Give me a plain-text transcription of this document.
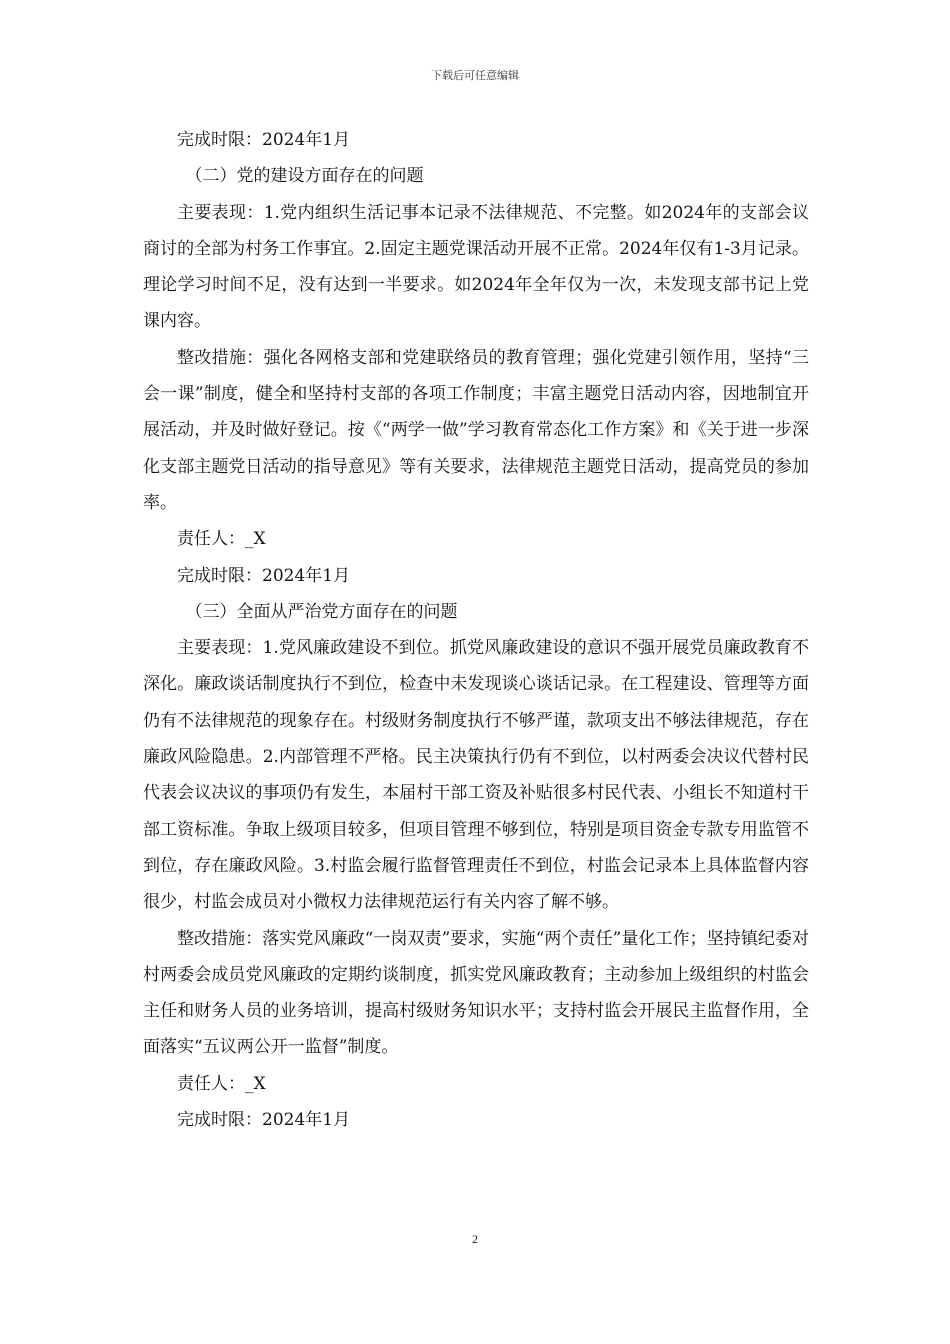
下载后可任意编辑

完成时限：2024年1月

（二）党的建设方面存在的问题

主要表现：1.党内组织生活记事本记录不法律规范、不完整。如2024年的支部会议商讨的全部为村务工作事宜。2.固定主题党课活动开展不正常。2024年仅有1-3月记录。理论学习时间不足，没有达到一半要求。如2024年全年仅为一次，未发现支部书记上党课内容。

整改措施：强化各网格支部和党建联络员的教育管理；强化党建引领作用，坚持“三会一课”制度，健全和坚持村支部的各项工作制度；丰富主题党日活动内容，因地制宜开展活动，并及时做好登记。按《“两学一做”学习教育常态化工作方案》和《关于进一步深化支部主题党日活动的指导意见》等有关要求，法律规范主题党日活动，提高党员的参加率。

责任人：_X

完成时限：2024年1月

（三）全面从严治党方面存在的问题

主要表现：1.党风廉政建设不到位。抓党风廉政建设的意识不强开展党员廉政教育不深化。廉政谈话制度执行不到位，检查中未发现谈心谈话记录。在工程建设、管理等方面仍有不法律规范的现象存在。村级财务制度执行不够严谨，款项支出不够法律规范，存在廉政风险隐患。2.内部管理不严格。民主决策执行仍有不到位，以村两委会决议代替村民代表会议决议的事项仍有发生，本届村干部工资及补贴很多村民代表、小组长不知道村干部工资标准。争取上级项目较多，但项目管理不够到位，特别是项目资金专款专用监管不到位，存在廉政风险。3.村监会履行监督管理责任不到位，村监会记录本上具体监督内容很少，村监会成员对小微权力法律规范运行有关内容了解不够。

整改措施：落实党风廉政“一岗双责”要求，实施“两个责任”量化工作；坚持镇纪委对村两委会成员党风廉政的定期约谈制度，抓实党风廉政教育；主动参加上级组织的村监会主任和财务人员的业务培训，提高村级财务知识水平；支持村监会开展民主监督作用，全面落实“五议两公开一监督”制度。

责任人：_X

完成时限：2024年1月

2
